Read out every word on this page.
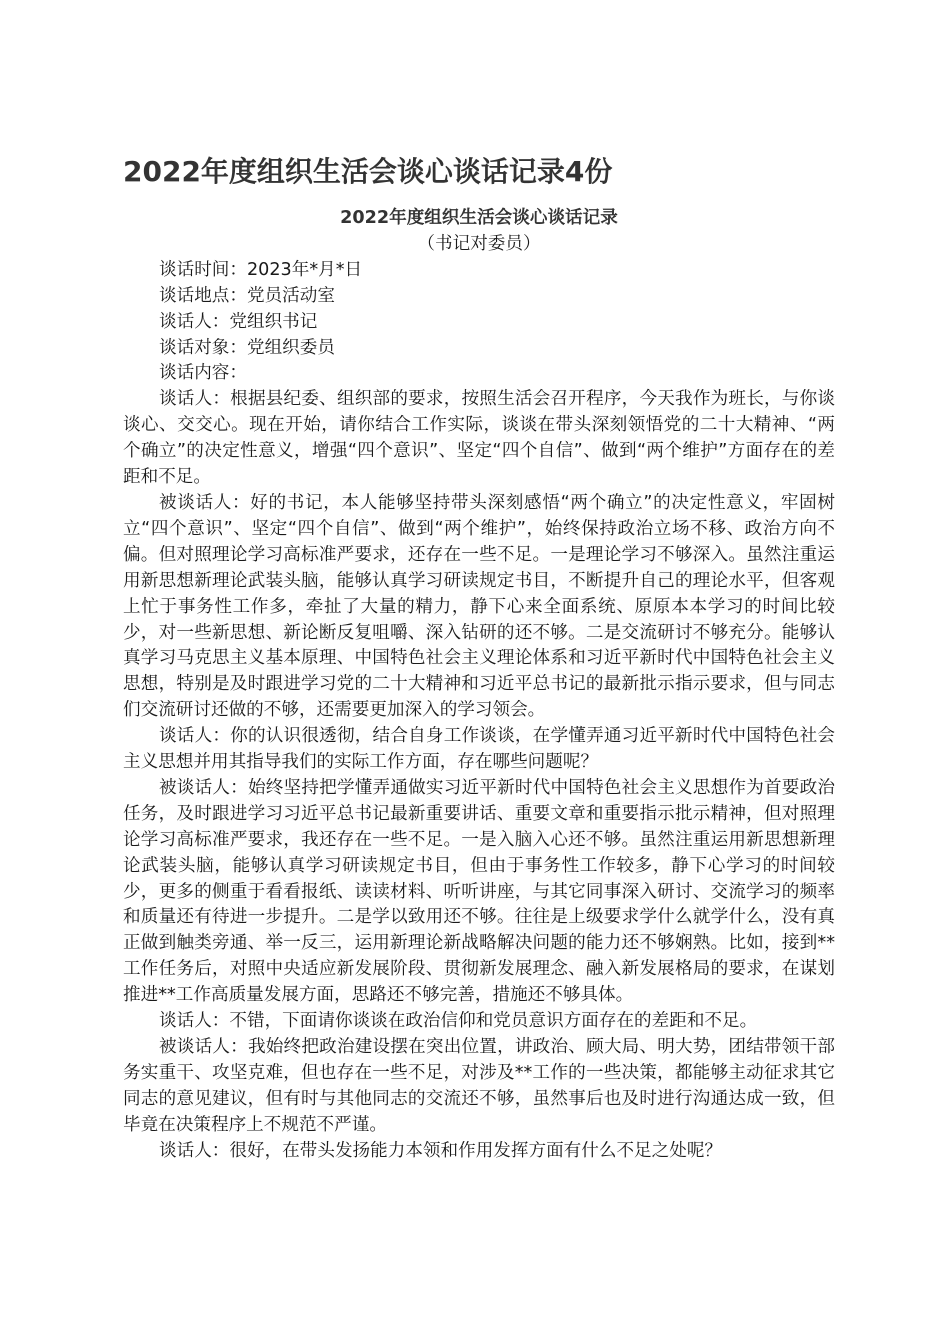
2022年度组织生活会谈心谈话记录4份

2022年度组织生活会谈心谈话记录

（书记对委员）

谈话时间：2023年*月*日

谈话地点：党员活动室

谈话人：党组织书记

谈话对象：党组织委员

谈话内容：

谈话人：根据县纪委、组织部的要求，按照生活会召开程序，今天我作为班长，与你谈谈心、交交心。现在开始，请你结合工作实际，谈谈在带头深刻领悟党的二十大精神、“两个确立”的决定性意义，增强“四个意识”、坚定“四个自信”、做到“两个维护”方面存在的差距和不足。

被谈话人：好的书记，本人能够坚持带头深刻感悟“两个确立”的决定性意义，牢固树立“四个意识”、坚定“四个自信”、做到“两个维护”，始终保持政治立场不移、政治方向不偏。但对照理论学习高标准严要求，还存在一些不足。一是理论学习不够深入。虽然注重运用新思想新理论武装头脑，能够认真学习研读规定书目，不断提升自己的理论水平，但客观上忙于事务性工作多，牵扯了大量的精力，静下心来全面系统、原原本本学习的时间比较少，对一些新思想、新论断反复咀嚼、深入钻研的还不够。二是交流研讨不够充分。能够认真学习马克思主义基本原理、中国特色社会主义理论体系和习近平新时代中国特色社会主义思想，特别是及时跟进学习党的二十大精神和习近平总书记的最新批示指示要求，但与同志们交流研讨还做的不够，还需要更加深入的学习领会。

谈话人：你的认识很透彻，结合自身工作谈谈，在学懂弄通习近平新时代中国特色社会主义思想并用其指导我们的实际工作方面，存在哪些问题呢？

被谈话人：始终坚持把学懂弄通做实习近平新时代中国特色社会主义思想作为首要政治任务，及时跟进学习习近平总书记最新重要讲话、重要文章和重要指示批示精神，但对照理论学习高标准严要求，我还存在一些不足。一是入脑入心还不够。虽然注重运用新思想新理论武装头脑，能够认真学习研读规定书目，但由于事务性工作较多，静下心学习的时间较少，更多的侧重于看看报纸、读读材料、听听讲座，与其它同事深入研讨、交流学习的频率和质量还有待进一步提升。二是学以致用还不够。往往是上级要求学什么就学什么，没有真正做到触类旁通、举一反三，运用新理论新战略解决问题的能力还不够娴熟。比如，接到**工作任务后，对照中央适应新发展阶段、贯彻新发展理念、融入新发展格局的要求，在谋划推进**工作高质量发展方面，思路还不够完善，措施还不够具体。

谈话人：不错，下面请你谈谈在政治信仰和党员意识方面存在的差距和不足。

被谈话人：我始终把政治建设摆在突出位置，讲政治、顾大局、明大势，团结带领干部务实重干、攻坚克难，但也存在一些不足，对涉及**工作的一些决策，都能够主动征求其它同志的意见建议，但有时与其他同志的交流还不够，虽然事后也及时进行沟通达成一致，但毕竟在决策程序上不规范不严谨。

谈话人：很好，在带头发扬能力本领和作用发挥方面有什么不足之处呢？
